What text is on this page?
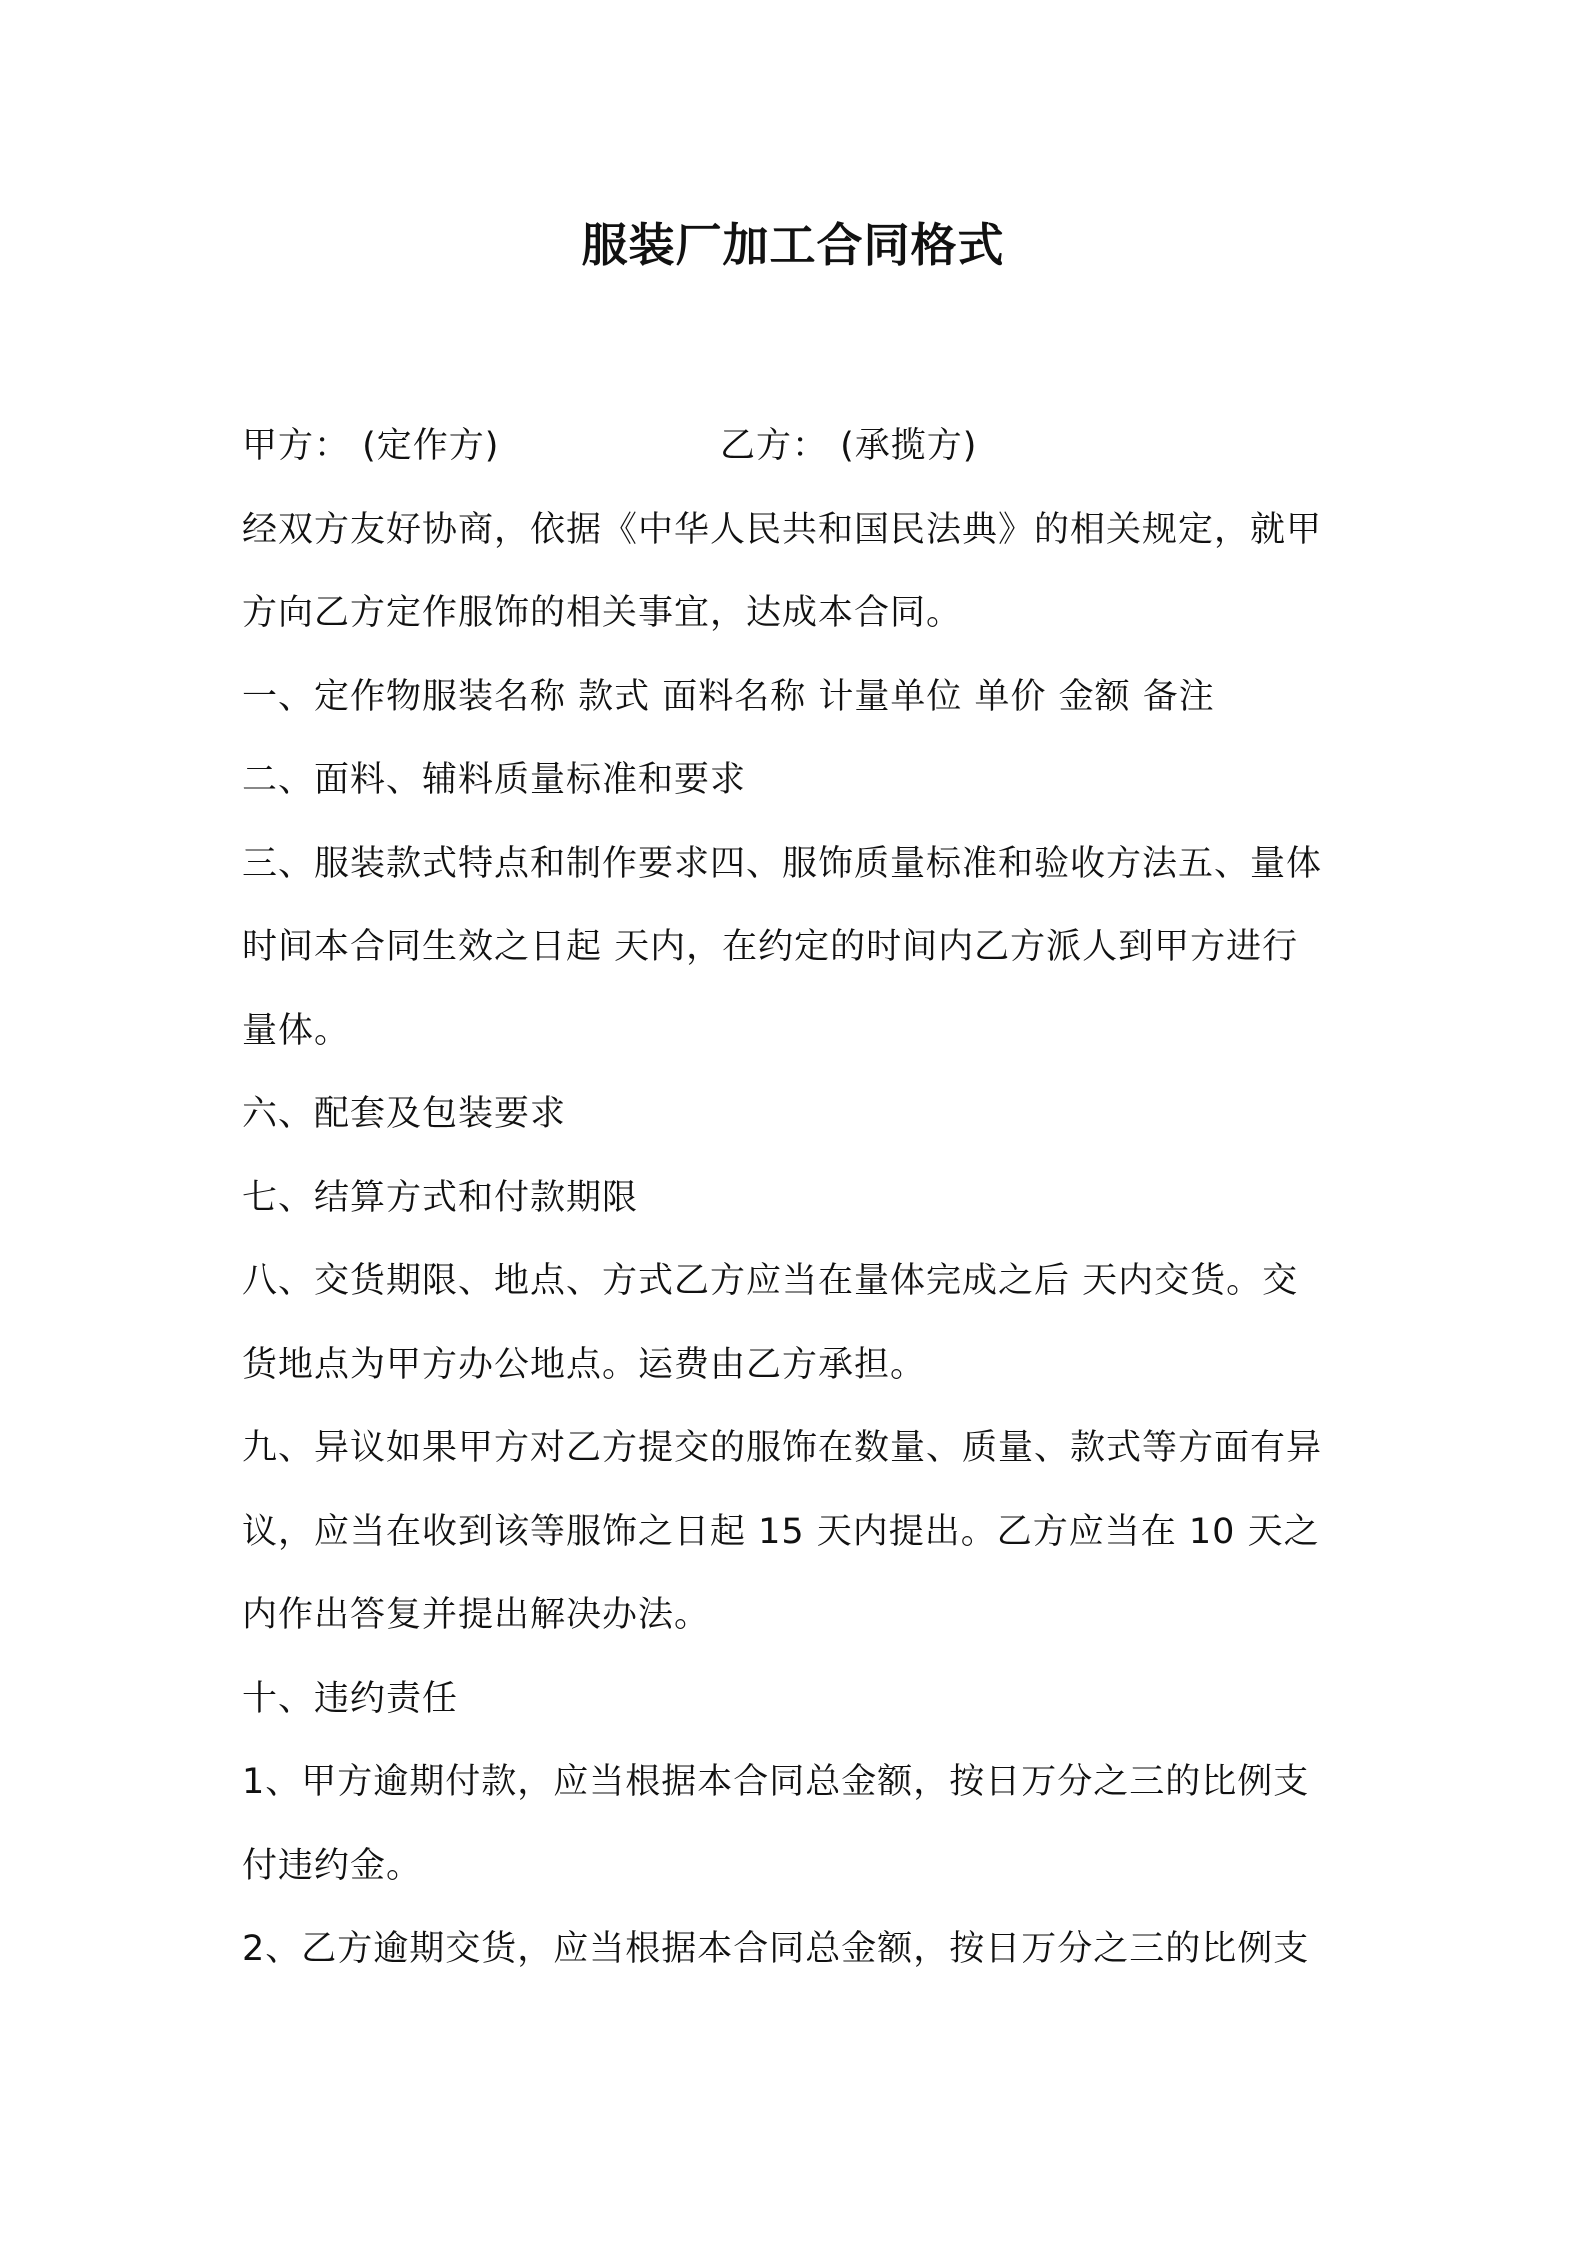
服装厂加工合同格式
甲方： (定作方)	乙方： (承揽方)
经双方友好协商，依据《中华人民共和国民法典》的相关规定，就甲
方向乙方定作服饰的相关事宜，达成本合同。
一、定作物服装名称 款式 面料名称 计量单位 单价 金额 备注
二、面料、辅料质量标准和要求
三、服装款式特点和制作要求四、服饰质量标准和验收方法五、量体
时间本合同生效之日起 天内，在约定的时间内乙方派人到甲方进行
量体。
六、配套及包装要求
七、结算方式和付款期限
八、交货期限、地点、方式乙方应当在量体完成之后 天内交货。交
货地点为甲方办公地点。运费由乙方承担。
九、异议如果甲方对乙方提交的服饰在数量、质量、款式等方面有异
议，应当在收到该等服饰之日起 15 天内提出。乙方应当在 10 天之
内作出答复并提出解决办法。
十、违约责任
1、甲方逾期付款，应当根据本合同总金额，按日万分之三的比例支
付违约金。
2、乙方逾期交货，应当根据本合同总金额，按日万分之三的比例支
